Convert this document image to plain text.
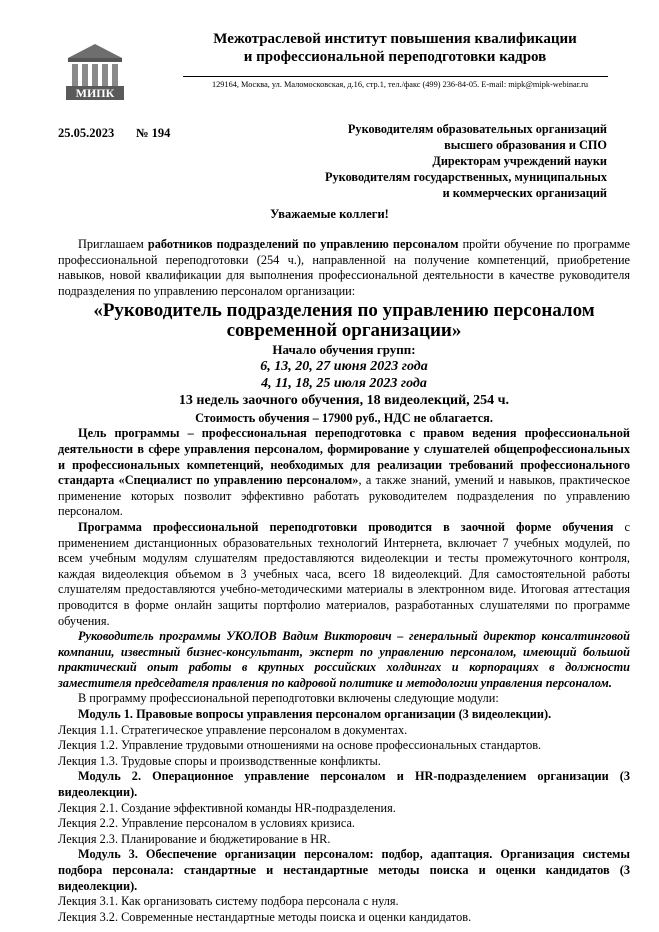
МИПК
Межотраслевой институт повышения квалификации
и профессиональной переподготовки кадров
129164, Москва, ул. Маломосковская, д.16, стр.1, тел./факс (499) 236-84-05. E-mail: mipk@mipk-webinar.ru
25.05.2023 № 194	Руководителям образовательных организаций
высшего образования и СПО
Директорам учреждений науки
Руководителям государственных, муниципальных
и коммерческих организаций
Уважаемые коллеги!

Приглашаем работников подразделений по управлению персоналом пройти обучение по программе профессиональной переподготовки (254 ч.), направленной на получение компетенций, приобретение навыков, новой квалификации для выполнения профессиональной деятельности в качестве руководителя подразделения по управлению персоналом организации:

«Руководитель подразделения по управлению персоналом современной организации»

Начало обучения групп:

6, 13, 20, 27 июня 2023 года

4, 11, 18, 25 июля 2023 года

13 недель заочного обучения, 18 видеолекций, 254 ч.

Стоимость обучения – 17900 руб., НДС не облагается.

Цель программы – профессиональная переподготовка с правом ведения профессиональной деятельности в сфере управления персоналом, формирование у слушателей общепрофессиональных и профессиональных компетенций, необходимых для реализации требований профессионального стандарта «Специалист по управлению персоналом», а также знаний, умений и навыков, практическое применение которых позволит эффективно работать руководителем подразделения по управлению персоналом.

Программа профессиональной переподготовки проводится в заочной форме обучения с применением дистанционных образовательных технологий Интернета, включает 7 учебных модулей, по всем учебным модулям слушателям предоставляются видеолекции и тесты промежуточного контроля, каждая видеолекция объемом в 3 учебных часа, всего 18 видеолекций. Для самостоятельной работы слушателям предоставляются учебно-методическими материалы в электронном виде. Итоговая аттестация проводится в форме онлайн защиты портфолио материалов, разработанных слушателями по программе обучения.

Руководитель программы УКОЛОВ Вадим Викторович – генеральный директор консалтинговой компании, известный бизнес-консультант, эксперт по управлению персоналом, имеющий большой практический опыт работы в крупных российских холдингах и корпорациях в должности заместителя председателя правления по кадровой политике и методологии управления персоналом.

В программу профессиональной переподготовки включены следующие модули:

Модуль 1. Правовые вопросы управления персоналом организации (3 видеолекции).

Лекция 1.1. Стратегическое управление персоналом в документах.

Лекция 1.2. Управление трудовыми отношениями на основе профессиональных стандартов.

Лекция 1.3. Трудовые споры и производственные конфликты.

Модуль 2. Операционное управление персоналом и HR-подразделением организации (3 видеолекции).

Лекция 2.1. Создание эффективной команды HR-подразделения.

Лекция 2.2. Управление персоналом в условиях кризиса.

Лекция 2.3. Планирование и бюджетирование в HR.

Модуль 3. Обеспечение организации персоналом: подбор, адаптация. Организация системы подбора персонала: стандартные и нестандартные методы поиска и оценки кандидатов (3 видеолекции).

Лекция 3.1. Как организовать систему подбора персонала с нуля.

Лекция 3.2. Современные нестандартные методы поиска и оценки кандидатов.
